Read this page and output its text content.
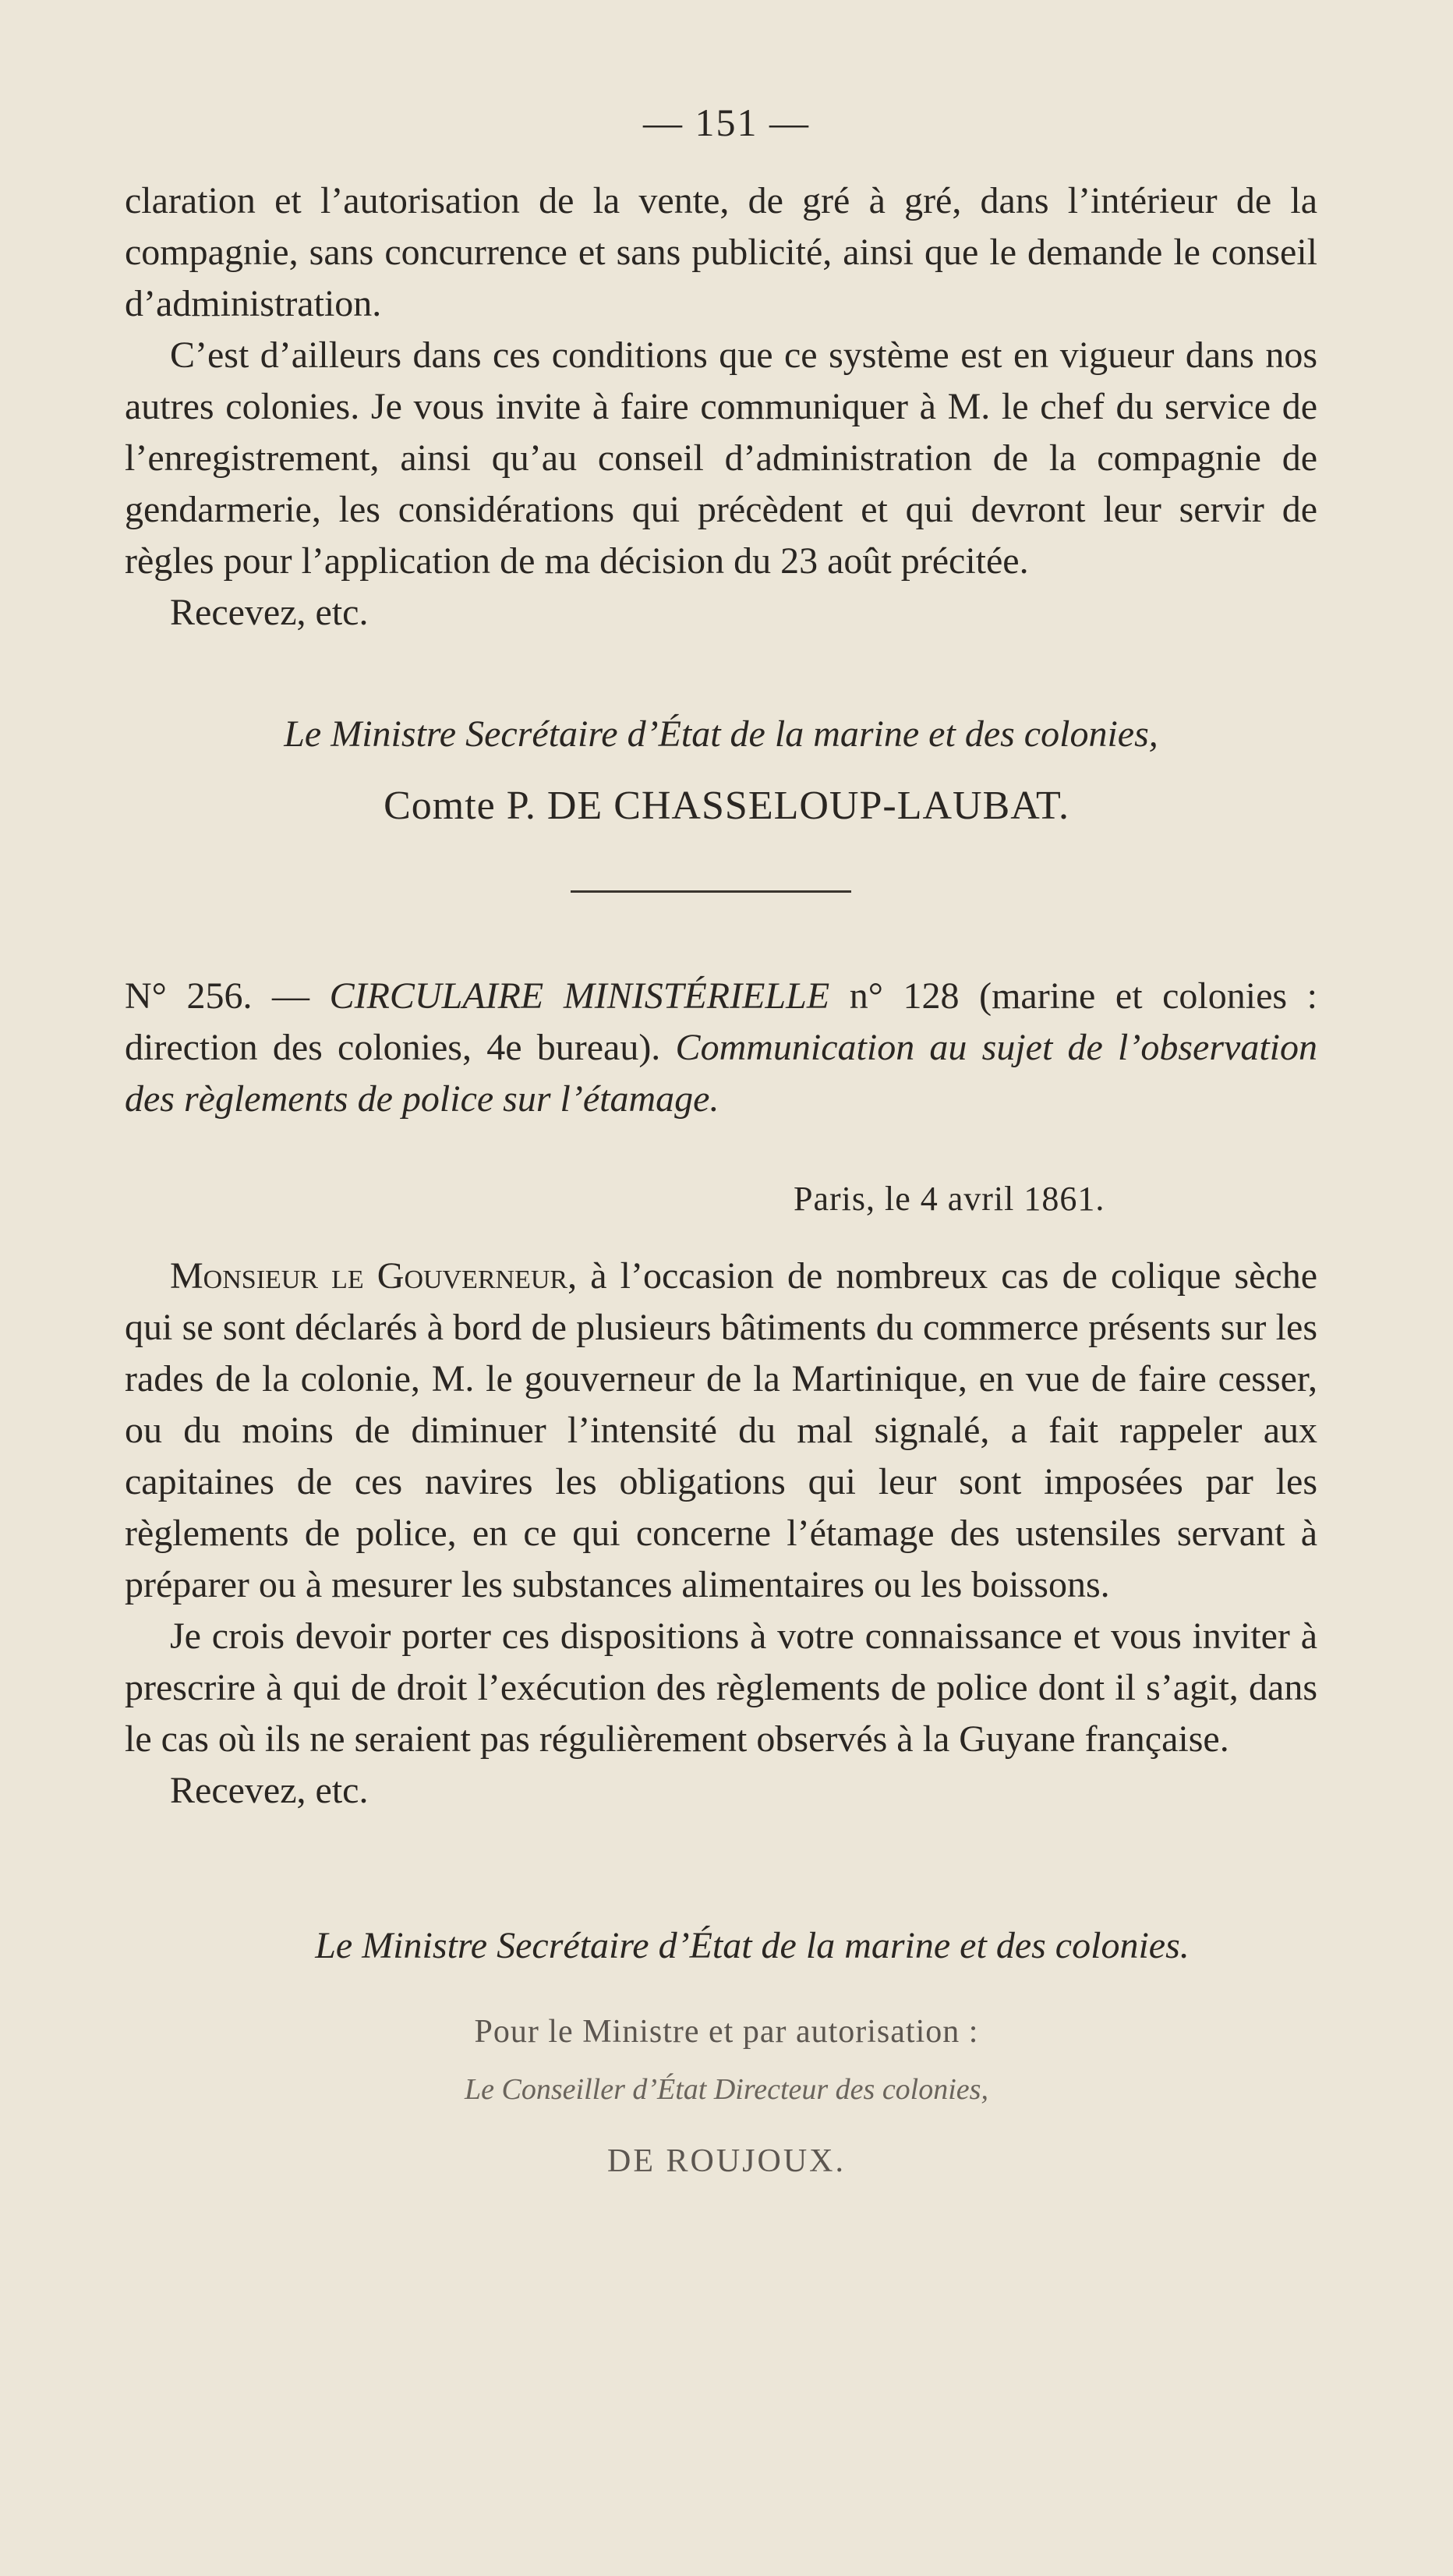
— 151 —

claration et l’autorisation de la vente, de gré à gré, dans l’intérieur de la compagnie, sans concurrence et sans publicité, ainsi que le demande le conseil d’administration.

C’est d’ailleurs dans ces conditions que ce système est en vigueur dans nos autres colonies. Je vous invite à faire communiquer à M. le chef du service de l’enregistrement, ainsi qu’au conseil d’administration de la compagnie de gendarmerie, les considérations qui précèdent et qui devront leur servir de règles pour l’application de ma décision du 23 août précitée.

Recevez, etc.

Le Ministre Secrétaire d’État de la marine et des colonies,
Comte P. DE CHASSELOUP-LAUBAT.

N° 256. — CIRCULAIRE MINISTÉRIELLE n° 128 (marine et colonies : direction des colonies, 4e bureau). Communication au sujet de l’observation des règlements de police sur l’étamage.

Paris, le 4 avril 1861.

Monsieur le Gouverneur, à l’occasion de nombreux cas de colique sèche qui se sont déclarés à bord de plusieurs bâtiments du commerce présents sur les rades de la colonie, M. le gouverneur de la Martinique, en vue de faire cesser, ou du moins de diminuer l’intensité du mal signalé, a fait rappeler aux capitaines de ces navires les obligations qui leur sont imposées par les règlements de police, en ce qui concerne l’étamage des ustensiles servant à préparer ou à mesurer les substances alimentaires ou les boissons.

Je crois devoir porter ces dispositions à votre connaissance et vous inviter à prescrire à qui de droit l’exécution des règlements de police dont il s’agit, dans le cas où ils ne seraient pas régulièrement observés à la Guyane française.

Recevez, etc.

Le Ministre Secrétaire d’État de la marine et des colonies.
Pour le Ministre et par autorisation :
Le Conseiller d’État Directeur des colonies,
DE ROUJOUX.
